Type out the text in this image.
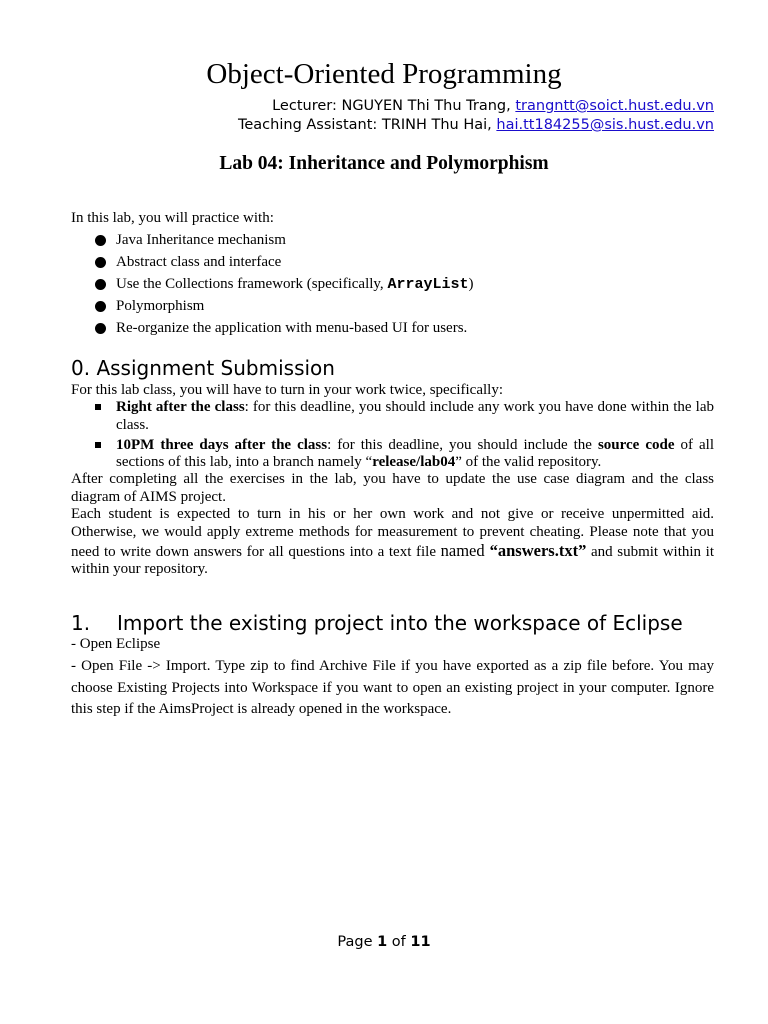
Object-Oriented Programming
Lecturer: NGUYEN Thi Thu Trang, trangntt@soict.hust.edu.vn
Teaching Assistant: TRINH Thu Hai, hai.tt184255@sis.hust.edu.vn
Lab 04: Inheritance and Polymorphism
In this lab, you will practice with:
Java Inheritance mechanism
Abstract class and interface
Use the Collections framework (specifically, ArrayList)
Polymorphism
Re-organize the application with menu-based UI for users.
0. Assignment Submission
For this lab class, you will have to turn in your work twice, specifically:
Right after the class: for this deadline, you should include any work you have done within the lab class.
10PM three days after the class: for this deadline, you should include the source code of all sections of this lab, into a branch namely “release/lab04” of the valid repository.
After completing all the exercises in the lab, you have to update the use case diagram and the class diagram of AIMS project.
Each student is expected to turn in his or her own work and not give or receive unpermitted aid. Otherwise, we would apply extreme methods for measurement to prevent cheating. Please note that you need to write down answers for all questions into a text file named “answers.txt” and submit within it within your repository.
1. Import the existing project into the workspace of Eclipse
- Open Eclipse
- Open File -> Import. Type zip to find Archive File if you have exported as a zip file before. You may choose Existing Projects into Workspace if you want to open an existing project in your computer. Ignore this step if the AimsProject is already opened in the workspace.
Page 1 of 11
